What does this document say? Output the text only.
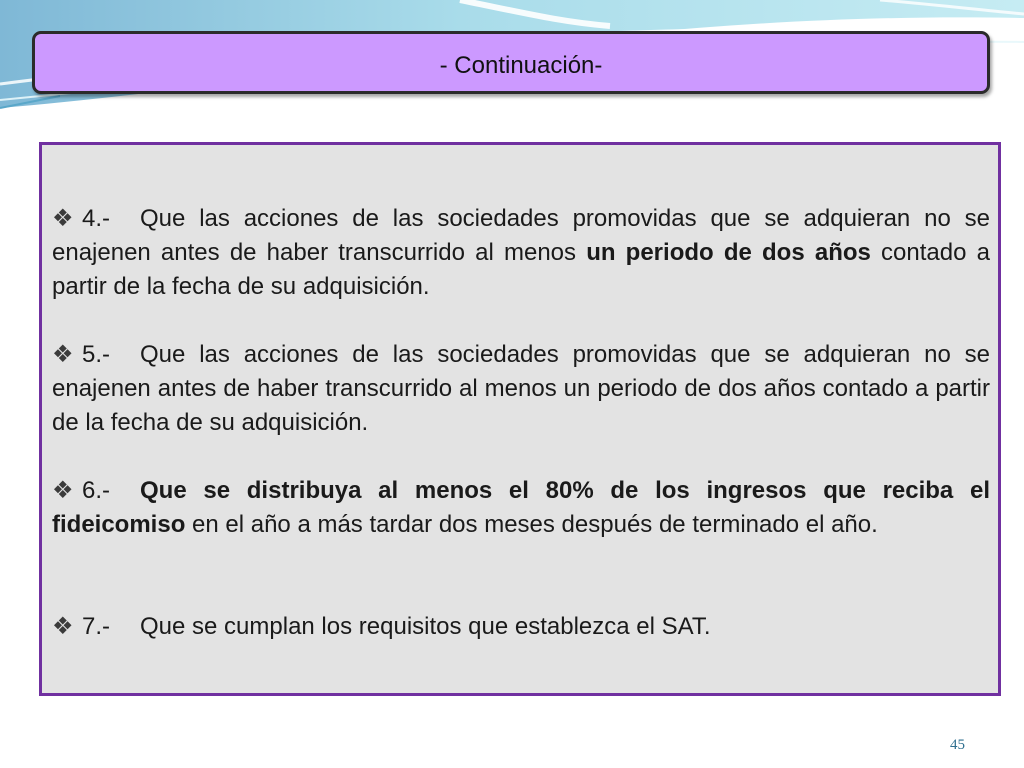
- Continuación-
❖ 4.- Que las acciones de las sociedades promovidas que se adquieran no se enajenen antes de haber transcurrido al menos un periodo de dos años contado a partir de la fecha de su adquisición.
❖ 5.- Que las acciones de las sociedades promovidas que se adquieran no se enajenen antes de haber transcurrido al menos un periodo de dos años contado a partir de la fecha de su adquisición.
❖ 6.- Que se distribuya al menos el 80% de los ingresos que reciba el fideicomiso en el año a más tardar dos meses después de terminado el año.
❖ 7.- Que se cumplan los requisitos que establezca el SAT.
45
